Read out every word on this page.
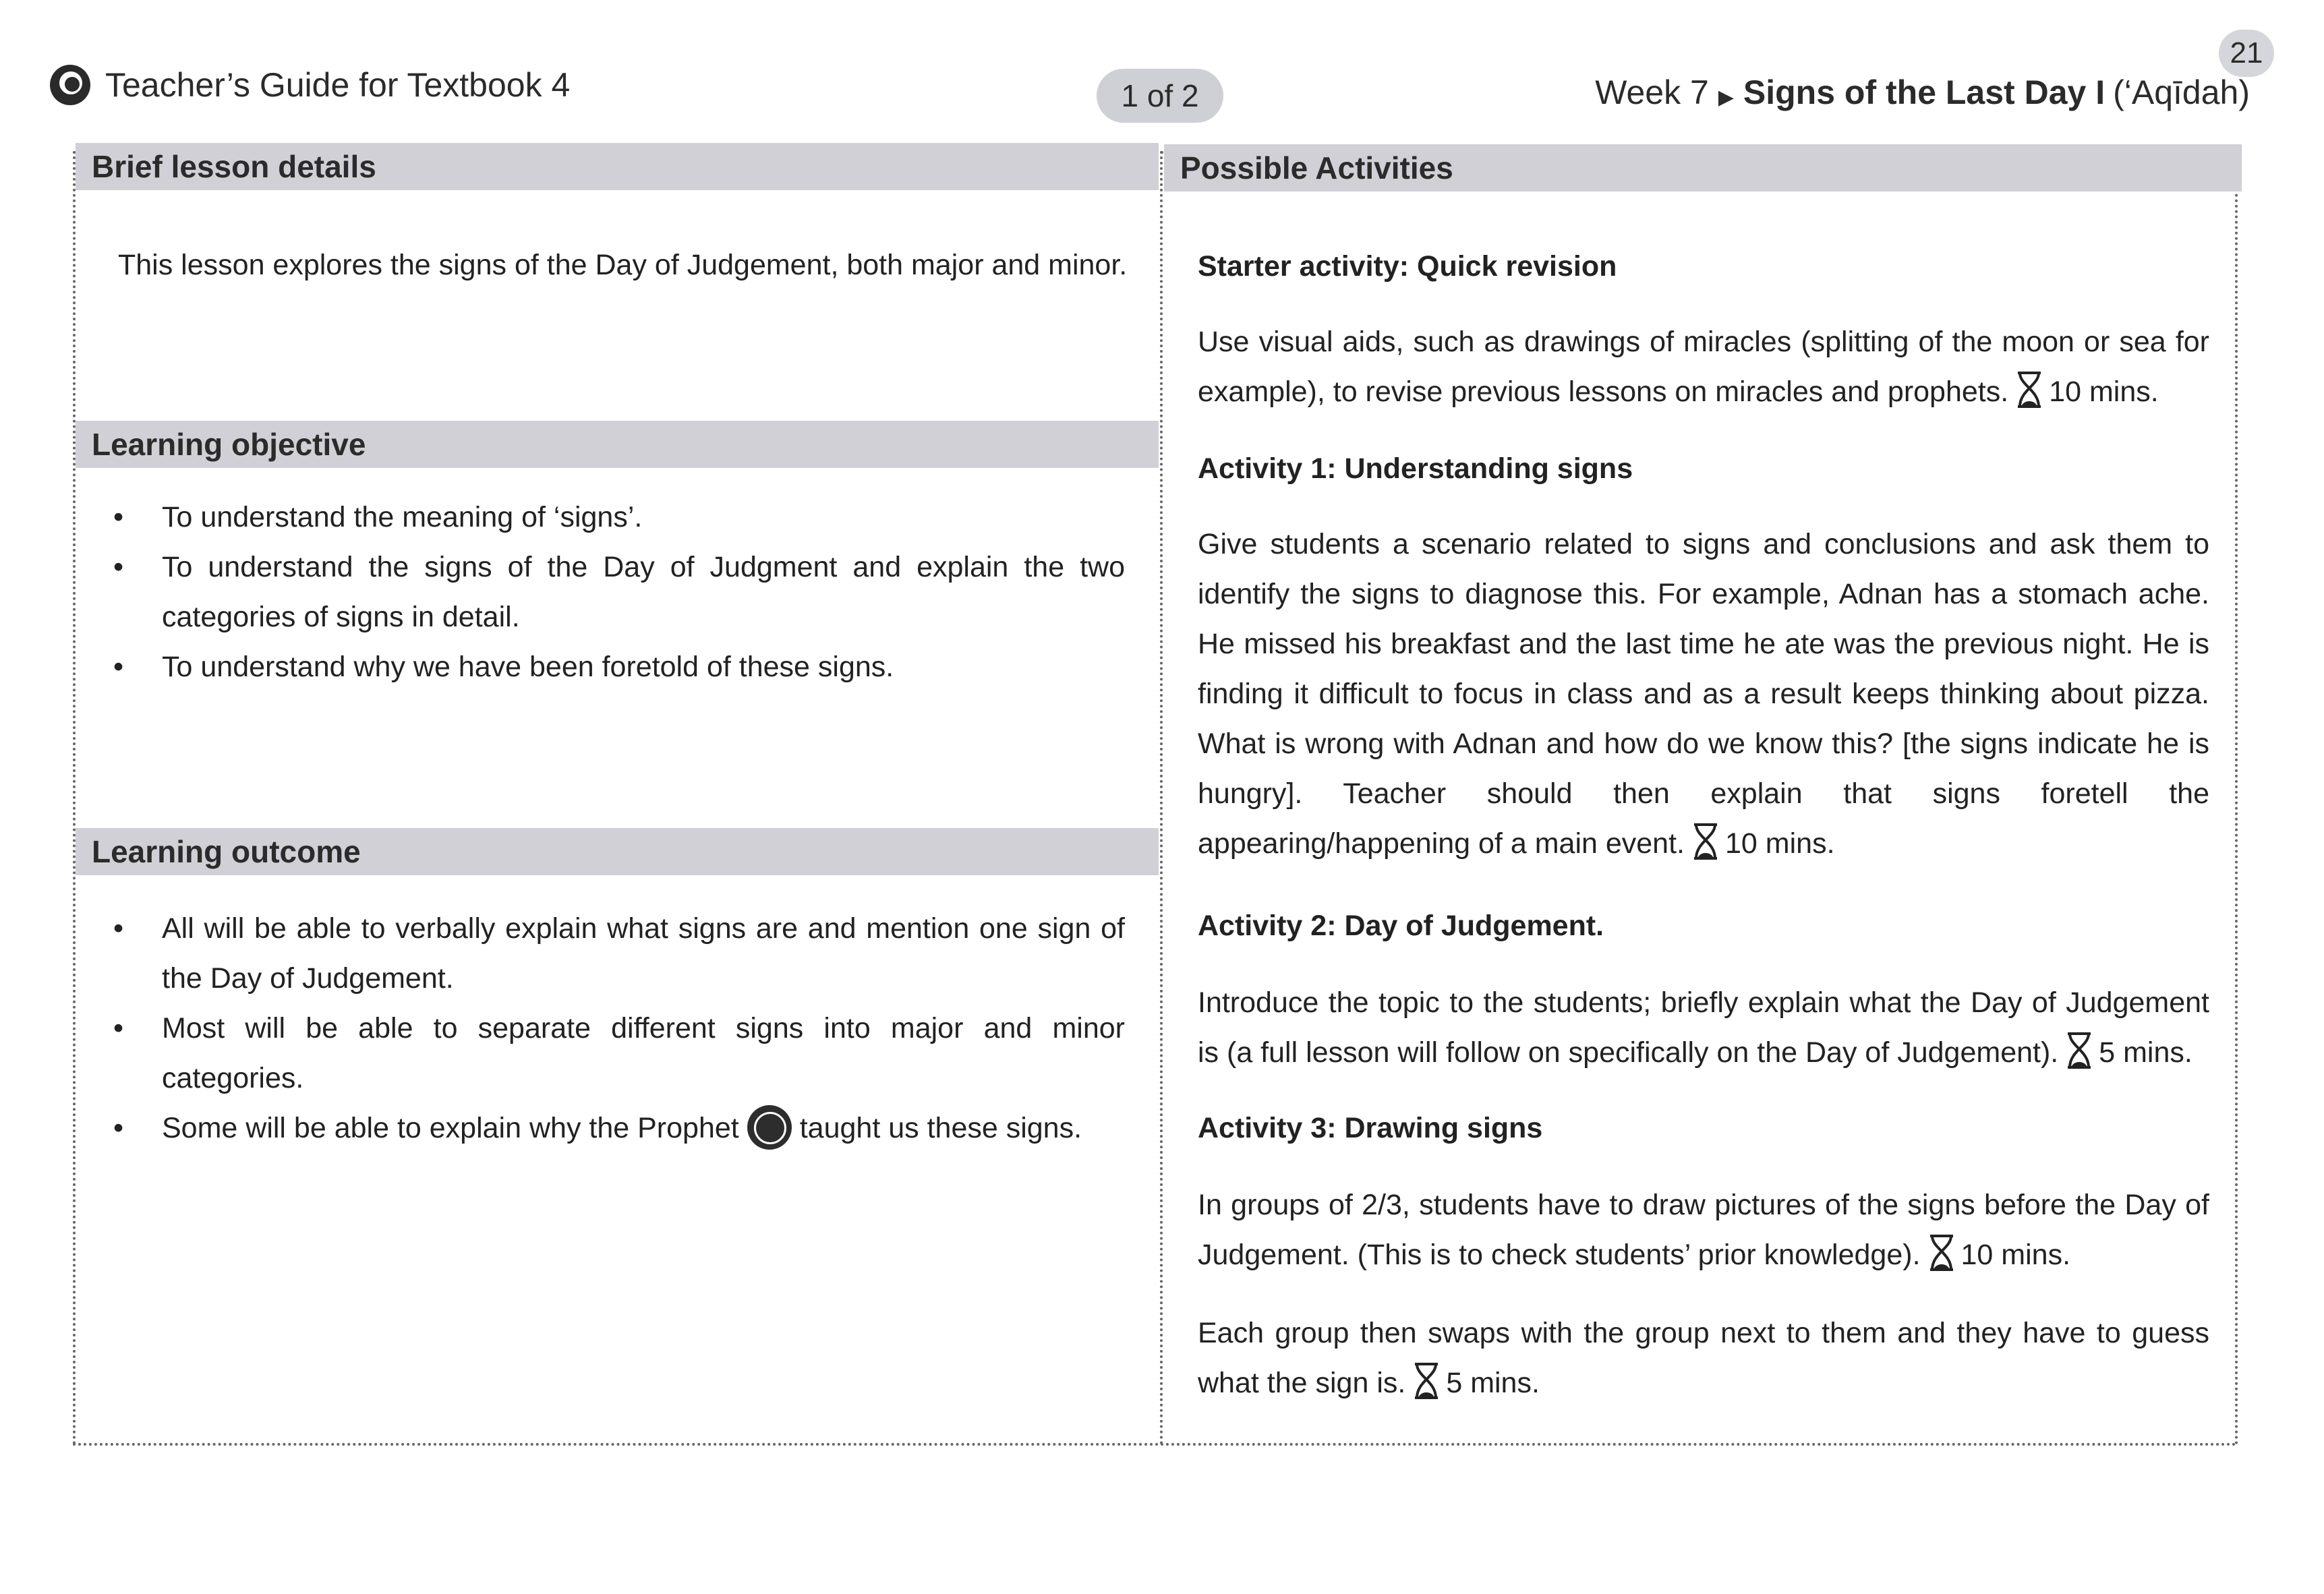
Teacher’s Guide for Textbook 4	1 of 2
21
Week 7 ▶ Signs of the Last Day I (‘Aqīdah)
Brief lesson details
This lesson explores the signs of the Day of Judgement, both major and minor.
Learning objective
• To understand the meaning of ‘signs’.
• To understand the signs of the Day of Judgment and explain the two categories of signs in detail.
• To understand why we have been foretold of these signs.
Learning outcome
• All will be able to verbally explain what signs are and mention one sign of the Day of Judgement.
• Most will be able to separate different signs into major and minor categories.
• Some will be able to explain why the Prophet taught us these signs.
Possible Activities
Starter activity: Quick revision

Use visual aids, such as drawings of miracles (splitting of the moon or sea for example), to revise previous lessons on miracles and prophets. 10 mins.

Activity 1: Understanding signs

Give students a scenario related to signs and conclusions and ask them to identify the signs to diagnose this. For example, Adnan has a stomach ache. He missed his breakfast and the last time he ate was the previous night. He is finding it difficult to focus in class and as a result keeps thinking about pizza. What is wrong with Adnan and how do we know this? [the signs indicate he is hungry]. Teacher should then explain that signs foretell the appearing/happening of a main event. 10 mins.

Activity 2: Day of Judgement.

Introduce the topic to the students; briefly explain what the Day of Judgement is (a full lesson will follow on specifically on the Day of Judgement). 5 mins.

Activity 3: Drawing signs

In groups of 2/3, students have to draw pictures of the signs before the Day of Judgement. (This is to check students’ prior knowledge). 10 mins.

Each group then swaps with the group next to them and they have to guess what the sign is. 5 mins.
